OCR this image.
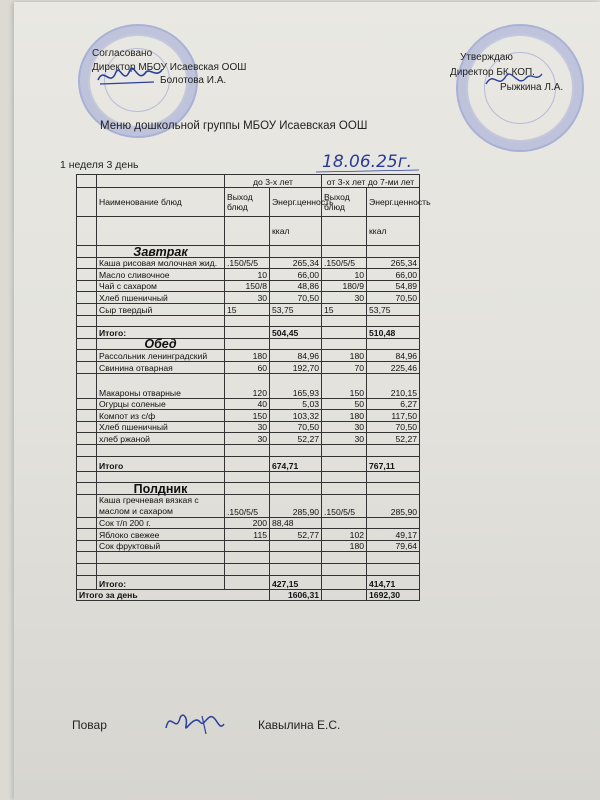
Согласовано
Директор МБОУ Исаевская ООШ
Болотова И.А.
Утверждаю
Директор БК КОП.
Рыжкина Л.А.
Меню дошкольной группы МБОУ Исаевская ООШ
1 неделя 3 день	18.06.25г.
		до 3-х лет		от 3-х лет до 7-ми лет	
	Наименование блюд	Выход блюд	Энерг.ценность	Выход блюд	Энерг.ценность
			ккал		ккал
	Завтрак				
	Каша рисовая молочная жид.	.150/5/5	265,34	.150/5/5	265,34
	Масло сливочное	10	66,00	10	66,00
	Чай с сахаром	150/8	48,86	180/9	54,89
	Хлеб пшеничный	30	70,50	30	70,50
	Сыр твердый	15	53,75	15	53,75

	Итого:		504,45		510,48
	Обед				
	Рассольник ленинградский	180	84,96	180	84,96
	Свинина отварная	60	192,70	70	225,46
	Макароны отварные	120	165,93	150	210,15
	Огурцы соленые	40	5,03	50	6,27
	Компот из с/ф	150	103,32	180	117,50
	Хлеб пшеничный	30	70,50	30	70,50
	хлеб ржаной	30	52,27	30	52,27

	Итого		674,71		767,11

	Полдник				

	Каша гречневая вязкая с
маслом и сахаром	.150/5/5	285,90	.150/5/5	285,90
	Сок т/п 200 г.	200	88,48		
	Яблоко свежее	115	52,77	102	49,17
	Сок фруктовый			180	79,64

	Итого:		427,15		414,71
Итого за день			1606,31		1692,30
Повар	Кавылина Е.С.
